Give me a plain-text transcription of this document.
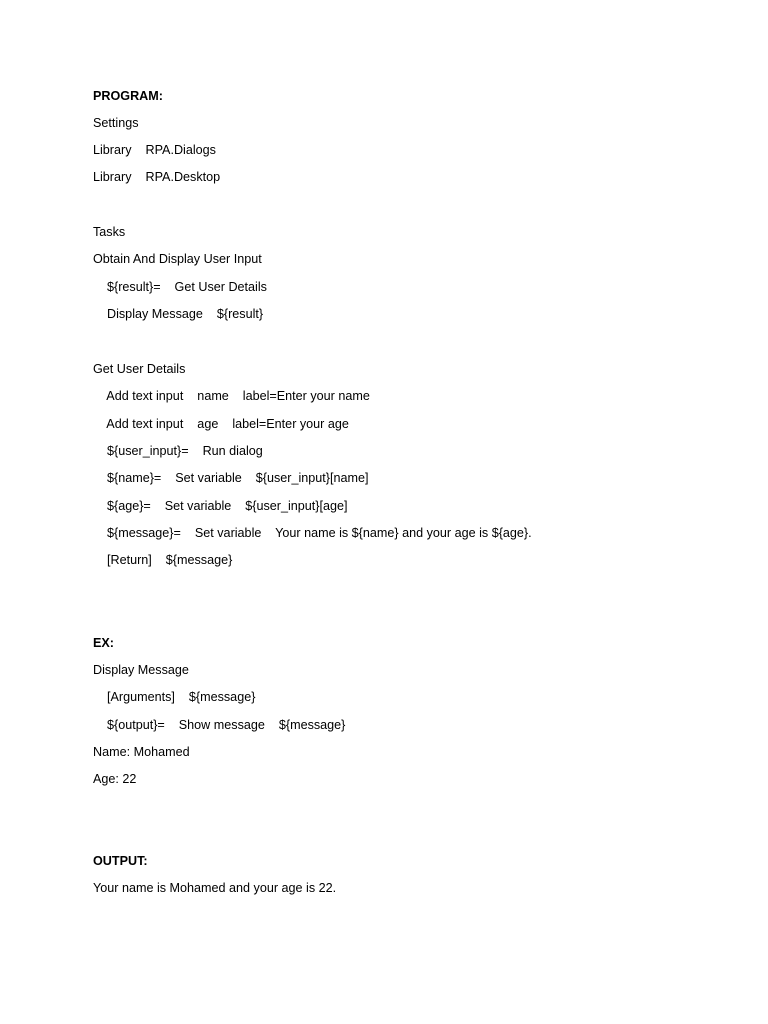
PROGRAM:
Settings
Library    RPA.Dialogs
Library    RPA.Desktop
Tasks
Obtain And Display User Input
${result}=    Get User Details
Display Message    ${result}
Get User Details
Add text input    name    label=Enter your name
Add text input    age    label=Enter your age
${user_input}=    Run dialog
${name}=    Set variable    ${user_input}[name]
${age}=    Set variable    ${user_input}[age]
${message}=    Set variable    Your name is ${name} and your age is ${age}.
[Return]    ${message}
EX:
Display Message
[Arguments]    ${message}
${output}=    Show message    ${message}
Name: Mohamed
Age: 22
OUTPUT:
Your name is Mohamed and your age is 22.
